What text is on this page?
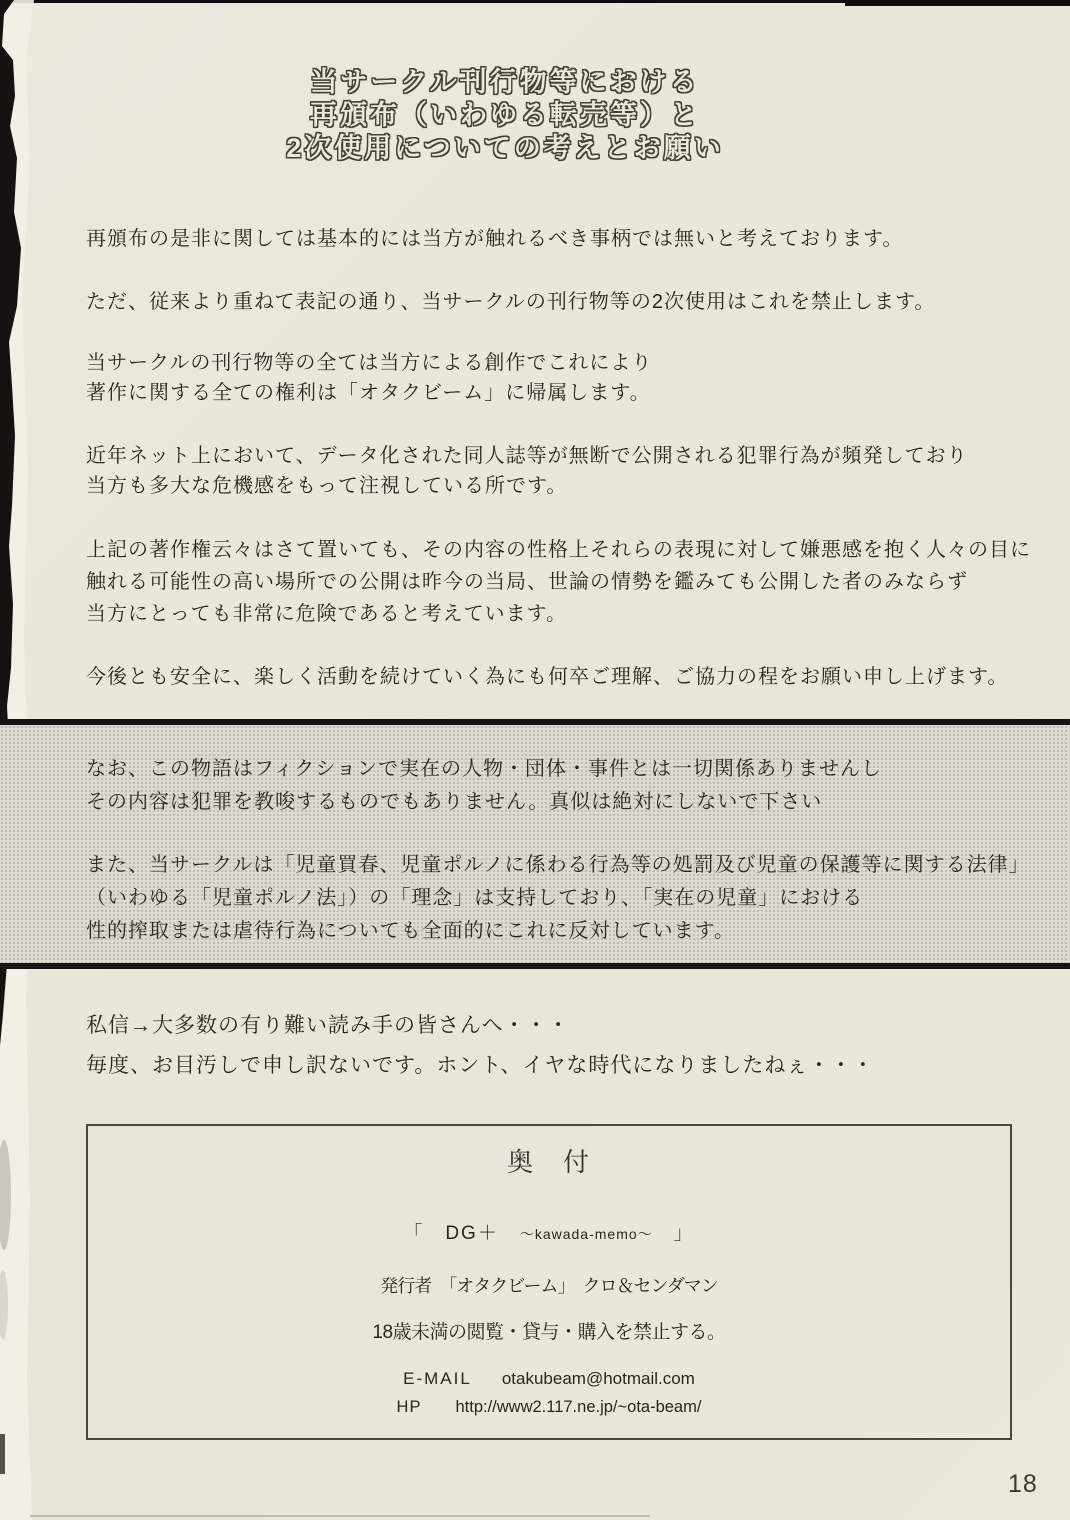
当サークル刊行物等における
再頒布（いわゆる転売等）と
2次使用についての考えとお願い
再頒布の是非に関しては基本的には当方が触れるべき事柄では無いと考えております。
ただ、従来より重ねて表記の通り、当サークルの刊行物等の2次使用はこれを禁止します。
当サークルの刊行物等の全ては当方による創作でこれにより
著作に関する全ての権利は「オタクビーム」に帰属します。
近年ネット上において、データ化された同人誌等が無断で公開される犯罪行為が頻発しており
当方も多大な危機感をもって注視している所です。
上記の著作権云々はさて置いても、その内容の性格上それらの表現に対して嫌悪感を抱く人々の目に
触れる可能性の高い場所での公開は昨今の当局、世論の情勢を鑑みても公開した者のみならず
当方にとっても非常に危険であると考えています。
今後とも安全に、楽しく活動を続けていく為にも何卒ご理解、ご協力の程をお願い申し上げます。
なお、この物語はフィクションで実在の人物・団体・事件とは一切関係ありませんし
その内容は犯罪を教唆するものでもありません。真似は絶対にしないで下さい
また、当サークルは「児童買春、児童ポルノに係わる行為等の処罰及び児童の保護等に関する法律」
（いわゆる「児童ポルノ法」）の「理念」は支持しており、「実在の児童」における
性的搾取または虐待行為についても全面的にこれに反対しています。
私信→大多数の有り難い読み手の皆さんへ・・・
毎度、お目汚しで申し訳ないです。ホント、イヤな時代になりましたねぇ・・・
奥　付
「　DG＋　〜kawada-memo〜　」
発行者　「オタクビーム」　クロ＆センダマン
18歳未満の閲覧・貸与・購入を禁止する。
E-MAIL otakubeam@hotmail.com
HP http://www2.117.ne.jp/~ota-beam/
18
